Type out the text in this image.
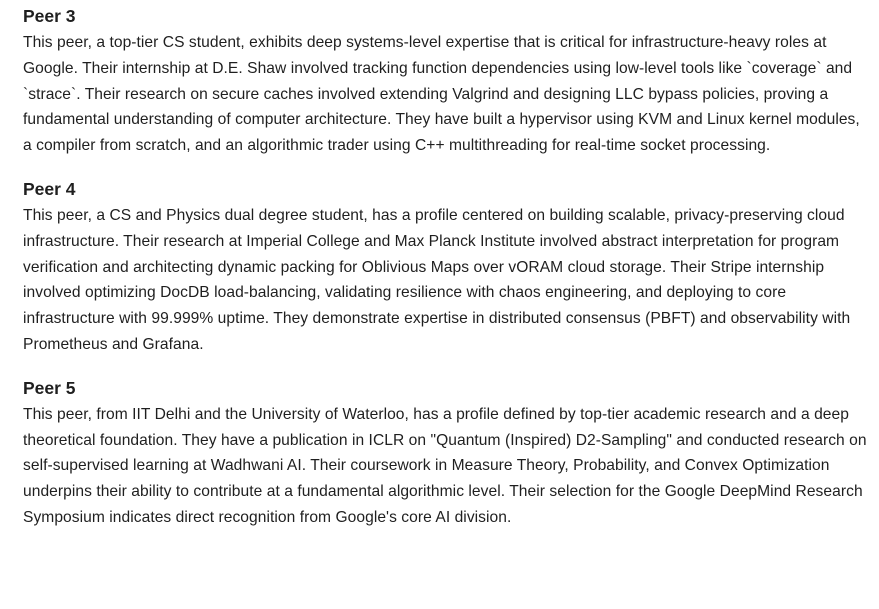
Peer 3

This peer, a top-tier CS student, exhibits deep systems-level expertise that is critical for infrastructure-heavy roles at Google. Their internship at D.E. Shaw involved tracking function dependencies using low-level tools like `coverage` and `strace`. Their research on secure caches involved extending Valgrind and designing LLC bypass policies, proving a fundamental understanding of computer architecture. They have built a hypervisor using KVM and Linux kernel modules, a compiler from scratch, and an algorithmic trader using C++ multithreading for real-time socket processing.

Peer 4

This peer, a CS and Physics dual degree student, has a profile centered on building scalable, privacy-preserving cloud infrastructure. Their research at Imperial College and Max Planck Institute involved abstract interpretation for program verification and architecting dynamic packing for Oblivious Maps over vORAM cloud storage. Their Stripe internship involved optimizing DocDB load-balancing, validating resilience with chaos engineering, and deploying to core infrastructure with 99.999% uptime. They demonstrate expertise in distributed consensus (PBFT) and observability with Prometheus and Grafana.

Peer 5

This peer, from IIT Delhi and the University of Waterloo, has a profile defined by top-tier academic research and a deep theoretical foundation. They have a publication in ICLR on "Quantum (Inspired) D2-Sampling" and conducted research on self-supervised learning at Wadhwani AI. Their coursework in Measure Theory, Probability, and Convex Optimization underpins their ability to contribute at a fundamental algorithmic level. Their selection for the Google DeepMind Research Symposium indicates direct recognition from Google's core AI division.
